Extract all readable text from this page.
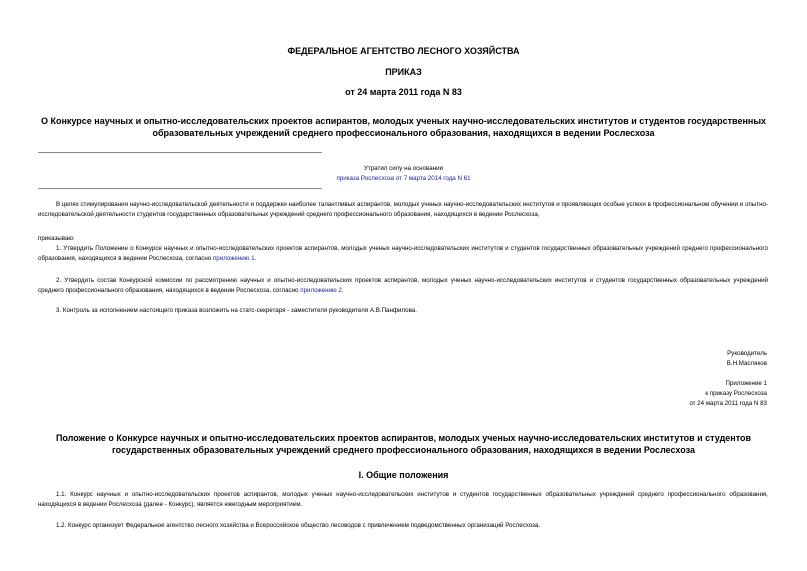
ФЕДЕРАЛЬНОЕ АГЕНТСТВО ЛЕСНОГО ХОЗЯЙСТВА
ПРИКАЗ
от 24 марта 2011 года N 83
О Конкурсе научных и опытно-исследовательских проектов аспирантов, молодых ученых научно-исследовательских институтов и студентов государственных
образовательных учреждений среднего профессионального образования, находящихся в ведении Рослесхоза
Утратил силу на основании
приказа Рослесхоза от 7 марта 2014 года N 61
В целях стимулирования научно-исследовательской деятельности и поддержки наиболее талантливых аспирантов, молодых ученых научно-исследовательских институтов и проявляющих особые успехи в профессиональном обучении и опытно-исследовательской деятельности студентов государственных образовательных учреждений среднего профессионального образования, находящихся в ведении Рослесхоза,
приказываю:
1. Утвердить Положение о Конкурсе научных и опытно-исследовательских проектов аспирантов, молодых ученых научно-исследовательских институтов и студентов государственных образовательных учреждений среднего профессионального образования, находящихся в ведении Рослесхоза, согласно приложению 1.
2. Утвердить состав Конкурсной комиссии по рассмотрению научных и опытно-исследовательских проектов аспирантов, молодых ученых научно-исследовательских институтов и студентов государственных образовательных учреждений среднего профессионального образования, находящихся в ведении Рослесхоза, согласно приложению 2.
3. Контроль за исполнением настоящего приказа возложить на статс-секретаря - заместителя руководителя А.В.Панфилова.
Руководитель
В.Н.Масляков
Приложение 1
к приказу Рослесхоза
от 24 марта 2011 года N 83
Положение о Конкурсе научных и опытно-исследовательских проектов аспирантов, молодых ученых научно-исследовательских институтов и студентов
государственных образовательных учреждений среднего профессионального образования, находящихся в ведении Рослесхоза
I. Общие положения
1.1. Конкурс научных и опытно-исследовательских проектов аспирантов, молодых ученых научно-исследовательских институтов и студентов государственных образовательных учреждений среднего профессионального образования, находящихся в ведении Рослесхоза (далее - Конкурс), является ежегодным мероприятием.
1.2. Конкурс организует Федеральное агентство лесного хозяйства и Всероссийское общество лесоводов с привлечением подведомственных организаций Рослесхоза.
